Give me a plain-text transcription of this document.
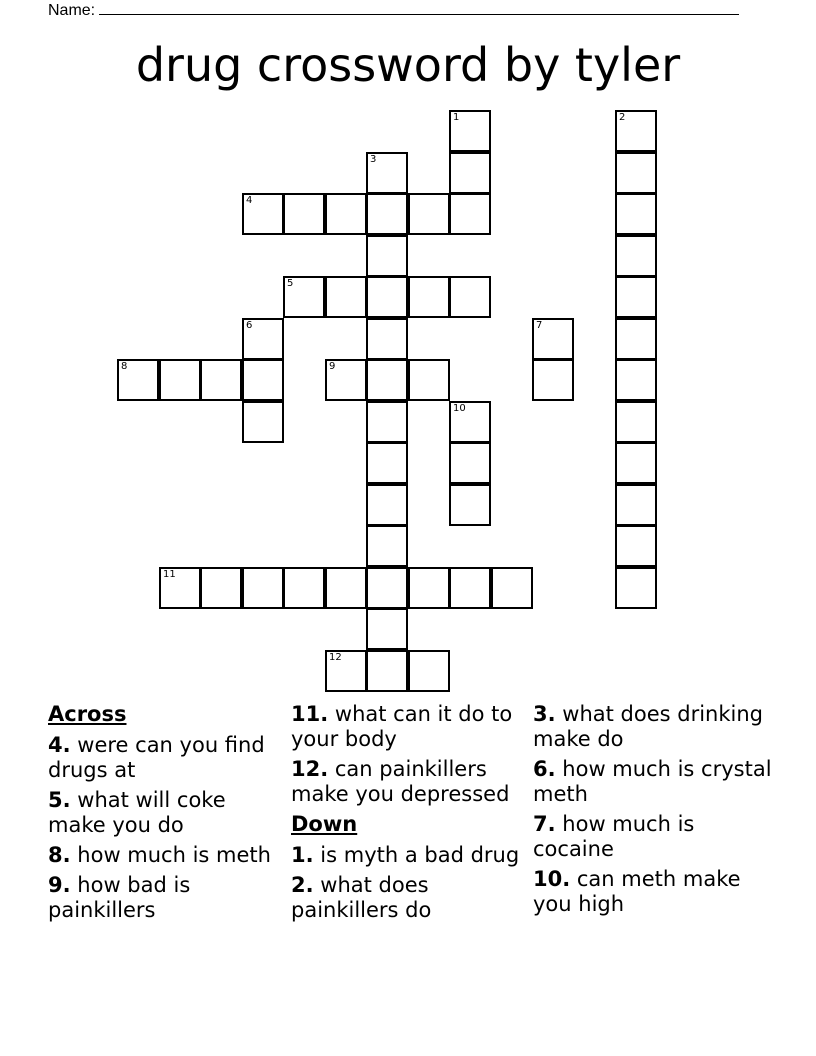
Name:
drug crossword by tyler
1	2
3
4
5
6	7
8	9
10
11
12
Across
4. were can you find drugs at
5. what will coke make you do
8. how much is meth
9. how bad is painkillers
11. what can it do to your body
12. can painkillers make you depressed
Down
1. is myth a bad drug
2. what does painkillers do
3. what does drinking make do
6. how much is crystal meth
7. how much is cocaine
10. can meth make you high
